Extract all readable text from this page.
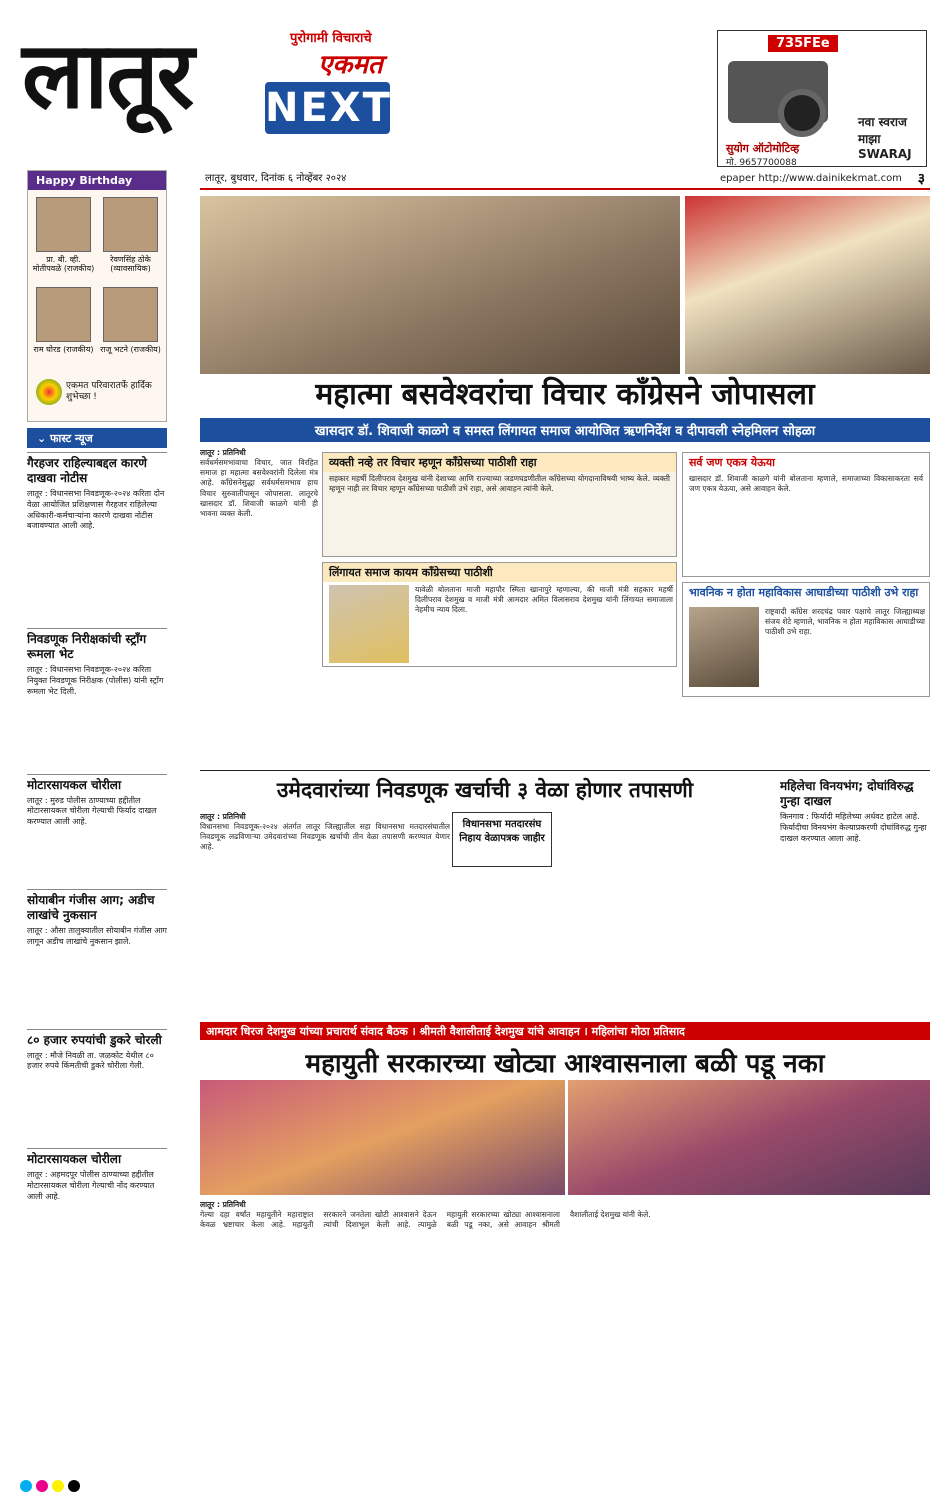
लातूर	पुरोगामी विचाराचे
एकमत
NEXT
735FEe
नवा स्वराज माझा SWARAJ
सुयोग ऑटोमोटिव्ह
मो. 9657700088
लातूर, बुधवार, दिनांक ६ नोव्हेंबर २०२४	epaper http://www.dainikekmat.com ३
Happy Birthday
प्रा. बी. व्ही. मोतीपवळे (राजकीय)
रेवणसिंह ठोके (व्यावसायिक)
राम घोरड (राजकीय) राजू भटने (राजकीय)
एकमत परिवारातर्फे हार्दिक शुभेच्छा !
⌄ फास्ट न्यूज
गैरहजर राहिल्याबद्दल कारणे दाखवा नोटीस
लातूर : विधानसभा निवडणूक-२०२४ करिता दोन वेळा आयोजित प्रशिक्षणास गैरहजर राहिलेल्या अधिकारी-कर्मचाऱ्यांना कारणे दाखवा नोटीस बजावण्यात आली आहे.
निवडणूक निरीक्षकांची स्ट्रॉंग रूमला भेट
लातूर : विधानसभा निवडणूक-२०२४ करिता नियुक्त निवडणूक निरीक्षक (पोलीस) यांनी स्ट्रॉंग रूमला भेट दिली.
मोटारसायकल चोरीला
लातूर : मुरुड पोलीस ठाण्याच्या हद्दीतील मोटारसायकल चोरीला गेल्याची फिर्याद दाखल करण्यात आली आहे.
सोयाबीन गंजीस आग; अडीच लाखांचे नुकसान
लातूर : औसा तालुक्यातील सोयाबीन गंजीस आग लागून अडीच लाखांचे नुकसान झाले.
८० हजार रुपयांची डुकरे चोरली
लातूर : मौजे निवळी ता. जळकोट येथील ८० हजार रुपये किंमतीची डुकरे चोरीला गेली.
मोटारसायकल चोरीला
लातूर : अहमदपूर पोलीस ठाण्याच्या हद्दीतील मोटारसायकल चोरीला गेल्याची नोंद करण्यात आली आहे.
महात्मा बसवेश्वरांचा विचार काँग्रेसने जोपासला
खासदार डॉ. शिवाजी काळगे व समस्त लिंगायत समाज आयोजित ऋणनिर्देश व दीपावली स्नेहमिलन सोहळा
लातूर : प्रतिनिधी
सर्वधर्मसमभावाचा विचार, जात विरहित समाज हा महात्मा बसवेश्वरांनी दिलेला मंत्र आहे. काँग्रेसनेसुद्धा सर्वधर्मसमभाव हाच विचार सुरुवातीपासून जोपासला. लातूरचे खासदार डॉ. शिवाजी काळगे यांनी ही भावना व्यक्त केली.
व्यक्ती नव्हे तर विचार म्हणून काँग्रेसच्या पाठीशी राहा
सहकार महर्षी दिलीपराव देशमुख यांनी देशाच्या आणि राज्याच्या जडणघडणीतील काँग्रेसच्या योगदानाविषयी भाष्य केले. व्यक्ती म्हणून नाही तर विचार म्हणून काँग्रेसच्या पाठीशी उभे राहा, असे आवाहन त्यांनी केले.
सर्व जण एकत्र येऊया
खासदार डॉ. शिवाजी काळगे यांनी बोलताना म्हणाले, समाजाच्या विकासाकरता सर्व जण एकत्र येऊया, असे आवाहन केले.
लिंगायत समाज कायम काँग्रेसच्या पाठीशी
यावेळी बोलताना माजी महापौर स्मिता खानापुरे म्हणाल्या, की माजी मंत्री सहकार महर्षी दिलीपराव देशमुख व माजी मंत्री आमदार अमित विलासराव देशमुख यांनी लिंगायत समाजाला नेहमीच न्याय दिला.
भावनिक न होता महाविकास आघाडीच्या पाठीशी उभे राहा
राष्ट्रवादी काँग्रेस शरदचंद्र पवार पक्षाचे लातूर जिल्ह्याध्यक्ष संजय शेटे म्हणाले, भावनिक न होता महाविकास आघाडीच्या पाठीशी उभे राहा.
उमेदवारांच्या निवडणूक खर्चाची ३ वेळा होणार तपासणी
लातूर : प्रतिनिधी
विधानसभा निवडणूक-२०२४ अंतर्गत लातूर जिल्ह्यातील सहा विधानसभा मतदारसंघातील निवडणूक लढविणाऱ्या उमेदवारांच्या निवडणूक खर्चाची तीन वेळा तपासणी करण्यात येणार आहे.
विधानसभा मतदारसंघ निहाय वेळापत्रक जाहीर
महिलेचा विनयभंग; दोघांविरुद्ध गुन्हा दाखल
किनगाव : फिर्यादी महिलेच्या अर्धवट हाटेल आहे. फिर्यादीचा विनयभंग केल्याप्रकरणी दोघांविरुद्ध गुन्हा दाखल करण्यात आला आहे.
आमदार धिरज देशमुख यांच्या प्रचारार्थ संवाद बैठक । श्रीमती वैशालीताई देशमुख यांचे आवाहन । महिलांचा मोठा प्रतिसाद
महायुती सरकारच्या खोट्या आश्वासनाला बळी पडू नका
लातूर : प्रतिनिधी
गेल्या दहा वर्षांत महायुतीने महाराष्ट्रात केवळ भ्रष्टाचार केला आहे. महायुती सरकारने जनतेला खोटी आश्वासने देऊन त्यांची दिशाभूल केली आहे. त्यामुळे महायुती सरकारच्या खोट्या आश्वासनाला बळी पडू नका, असे आवाहन श्रीमती वैशालीताई देशमुख यांनी केले.
